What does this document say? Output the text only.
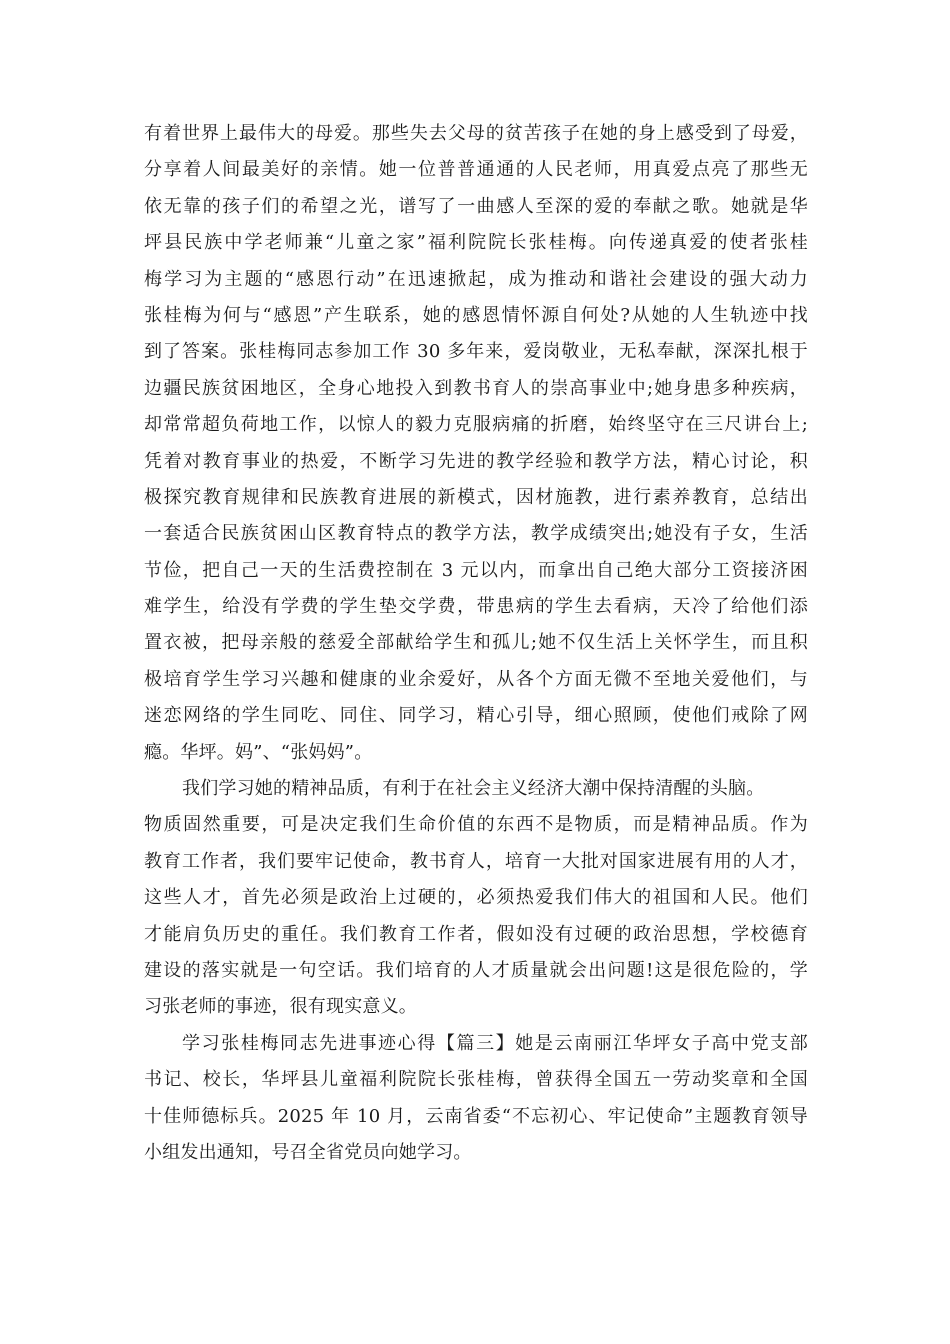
有着世界上最伟大的母爱。那些失去父母的贫苦孩子在她的身上感受到了母爱，
分享着人间最美好的亲情。她一位普普通通的人民老师，用真爱点亮了那些无
依无靠的孩子们的希望之光，谱写了一曲感人至深的爱的奉献之歌。她就是华
坪县民族中学老师兼“儿童之家”福利院院长张桂梅。向传递真爱的使者张桂
梅学习为主题的“感恩行动”在迅速掀起，成为推动和谐社会建设的强大动力
张桂梅为何与“感恩”产生联系，她的感恩情怀源自何处?从她的人生轨迹中找
到了答案。张桂梅同志参加工作 30 多年来，爱岗敬业，无私奉献，深深扎根于
边疆民族贫困地区，全身心地投入到教书育人的崇高事业中;她身患多种疾病，
却常常超负荷地工作，以惊人的毅力克服病痛的折磨，始终坚守在三尺讲台上;
凭着对教育事业的热爱，不断学习先进的教学经验和教学方法，精心讨论，积
极探究教育规律和民族教育进展的新模式，因材施教，进行素养教育，总结出
一套适合民族贫困山区教育特点的教学方法，教学成绩突出;她没有子女，生活
节俭，把自己一天的生活费控制在 3 元以内，而拿出自己绝大部分工资接济困
难学生，给没有学费的学生垫交学费，带患病的学生去看病，天冷了给他们添
置衣被，把母亲般的慈爱全部献给学生和孤儿;她不仅生活上关怀学生，而且积
极培育学生学习兴趣和健康的业余爱好，从各个方面无微不至地关爱他们，与
迷恋网络的学生同吃、同住、同学习，精心引导，细心照顾，使他们戒除了网
瘾。华坪。妈”、“张妈妈”。
我们学习她的精神品质，有利于在社会主义经济大潮中保持清醒的头脑。
物质固然重要，可是决定我们生命价值的东西不是物质，而是精神品质。作为
教育工作者，我们要牢记使命，教书育人，培育一大批对国家进展有用的人才，
这些人才，首先必须是政治上过硬的，必须热爱我们伟大的祖国和人民。他们
才能肩负历史的重任。我们教育工作者，假如没有过硬的政治思想，学校德育
建设的落实就是一句空话。我们培育的人才质量就会出问题!这是很危险的，学
习张老师的事迹，很有现实意义。
学习张桂梅同志先进事迹心得【篇三】她是云南丽江华坪女子高中党支部
书记、校长，华坪县儿童福利院院长张桂梅，曾获得全国五一劳动奖章和全国
十佳师德标兵。2025 年 10 月，云南省委“不忘初心、牢记使命”主题教育领导
小组发出通知，号召全省党员向她学习。
